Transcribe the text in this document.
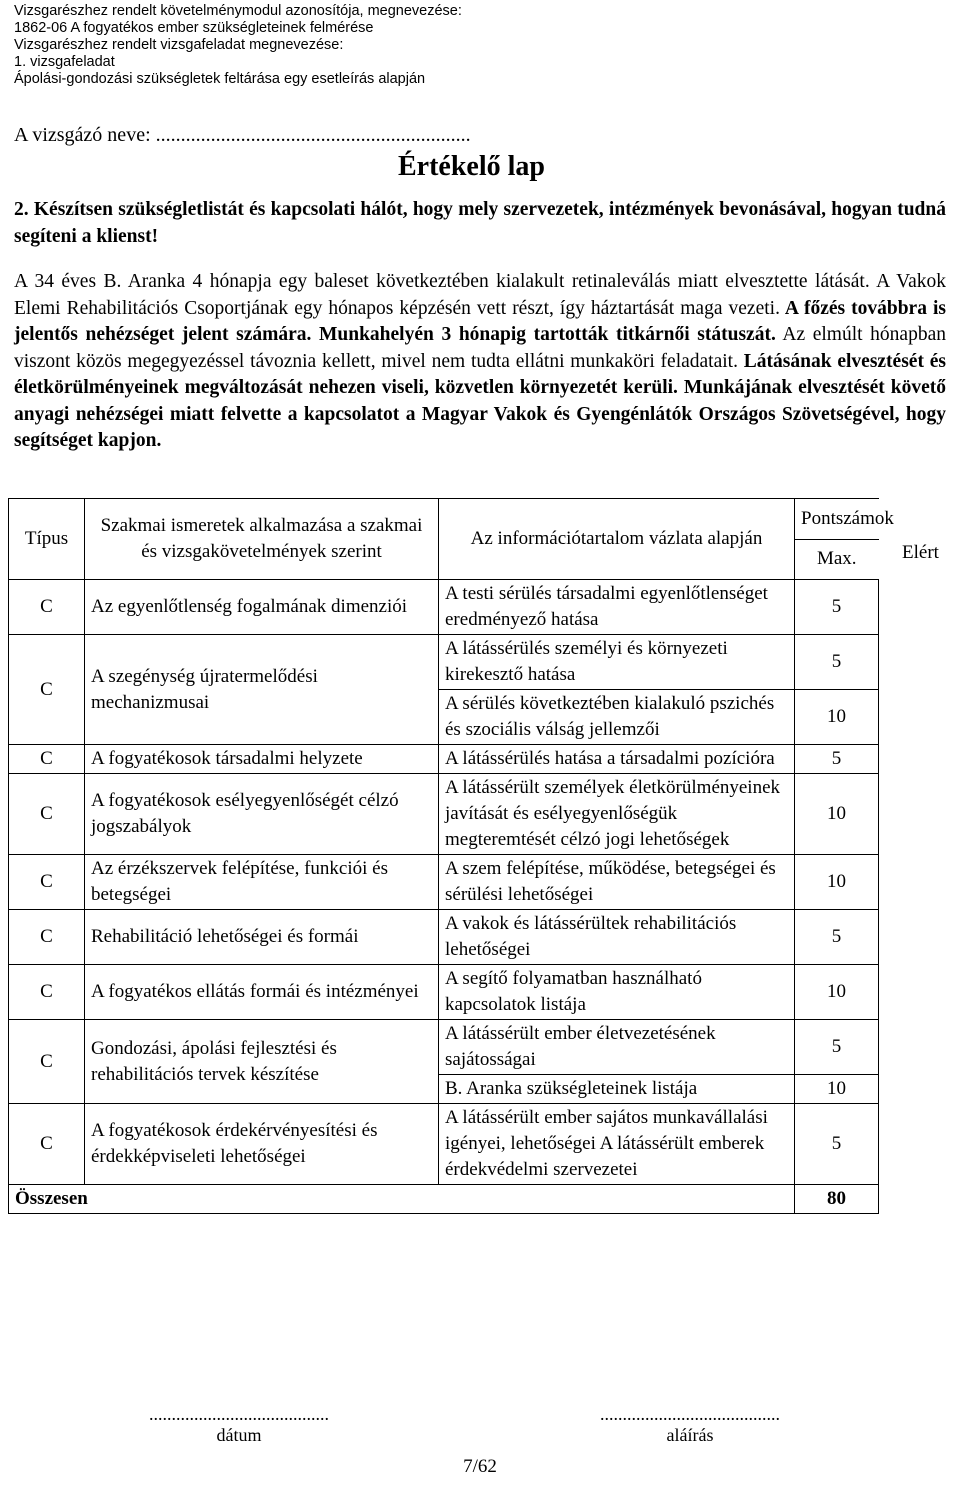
Vizsgarészhez rendelt követelménymodul azonosítója, megnevezése:
1862-06 A fogyatékos ember szükségleteinek felmérése
Vizsgarészhez rendelt vizsgafeladat megnevezése:
1. vizsgafeladat
Ápolási-gondozási szükségletek feltárása egy esetleírás alapján
A vizsgázó neve: ...............................................................
Értékelő lap
2. Készítsen szükségletlistát és kapcsolati hálót, hogy mely szervezetek, intézmények bevonásával, hogyan tudná segíteni a klienst!
A 34 éves B. Aranka 4 hónapja egy baleset következtében kialakult retinaleválás miatt elvesztette látását. A Vakok Elemi Rehabilitációs Csoportjának egy hónapos képzésén vett részt, így háztartását maga vezeti. A főzés továbbra is jelentős nehézséget jelent számára. Munkahelyén 3 hónapig tartották titkárnői státuszát. Az elmúlt hónapban viszont közös megegyezéssel távoznia kellett, mivel nem tudta ellátni munkaköri feladatait. Látásának elvesztését és életkörülményeinek megváltozását nehezen viseli, közvetlen környezetét kerüli. Munkájának elvesztését követő anyagi nehézségei miatt felvette a kapcsolatot a Magyar Vakok és Gyengénlátók Országos Szövetségével, hogy segítséget kapjon.
Típus	Szakmai ismeretek alkalmazása a szakmai és vizsgakövetelmények szerint	Az információtartalom vázlata alapján	Pontszámok
			Max.		Elért

C	Az egyenlőtlenség fogalmának dimenziói	A testi sérülés társadalmi egyenlőtlenséget eredményező hatása	5
C	A szegénység újratermelődési mechanizmusai	A látássérülés személyi és környezeti kirekesztő hatása	5
		A sérülés következtében kialakuló pszichés és szociális válság jellemzői	10
C	A fogyatékosok társadalmi helyzete	A látássérülés hatása a társadalmi pozícióra	5
C	A fogyatékosok esélyegyenlőségét célzó jogszabályok	A látássérült személyek életkörülményeinek javítását és esélyegyenlőségük megteremtését célzó jogi lehetőségek	10
C	Az érzékszervek felépítése, funkciói és betegségei	A szem felépítése, működése, betegségei és sérülési lehetőségei	10
C	Rehabilitáció lehetőségei és formái	A vakok és látássérültek rehabilitációs lehetőségei	5
C	A fogyatékos ellátás formái és intézményei	A segítő folyamatban használható kapcsolatok listája	10
C	Gondozási, ápolási fejlesztési és rehabilitációs tervek készítése	A látássérült ember életvezetésének sajátosságai	5
		B. Aranka szükségleteinek listája	10
C	A fogyatékosok érdekérvényesítési és érdekképviseleti lehetőségei	A látássérült ember sajátos munkavállalási igényei, lehetőségei A látássérült emberek érdekvédelmi szervezetei	5
Összesen			80
........................................
dátum
........................................
aláírás
7/62
